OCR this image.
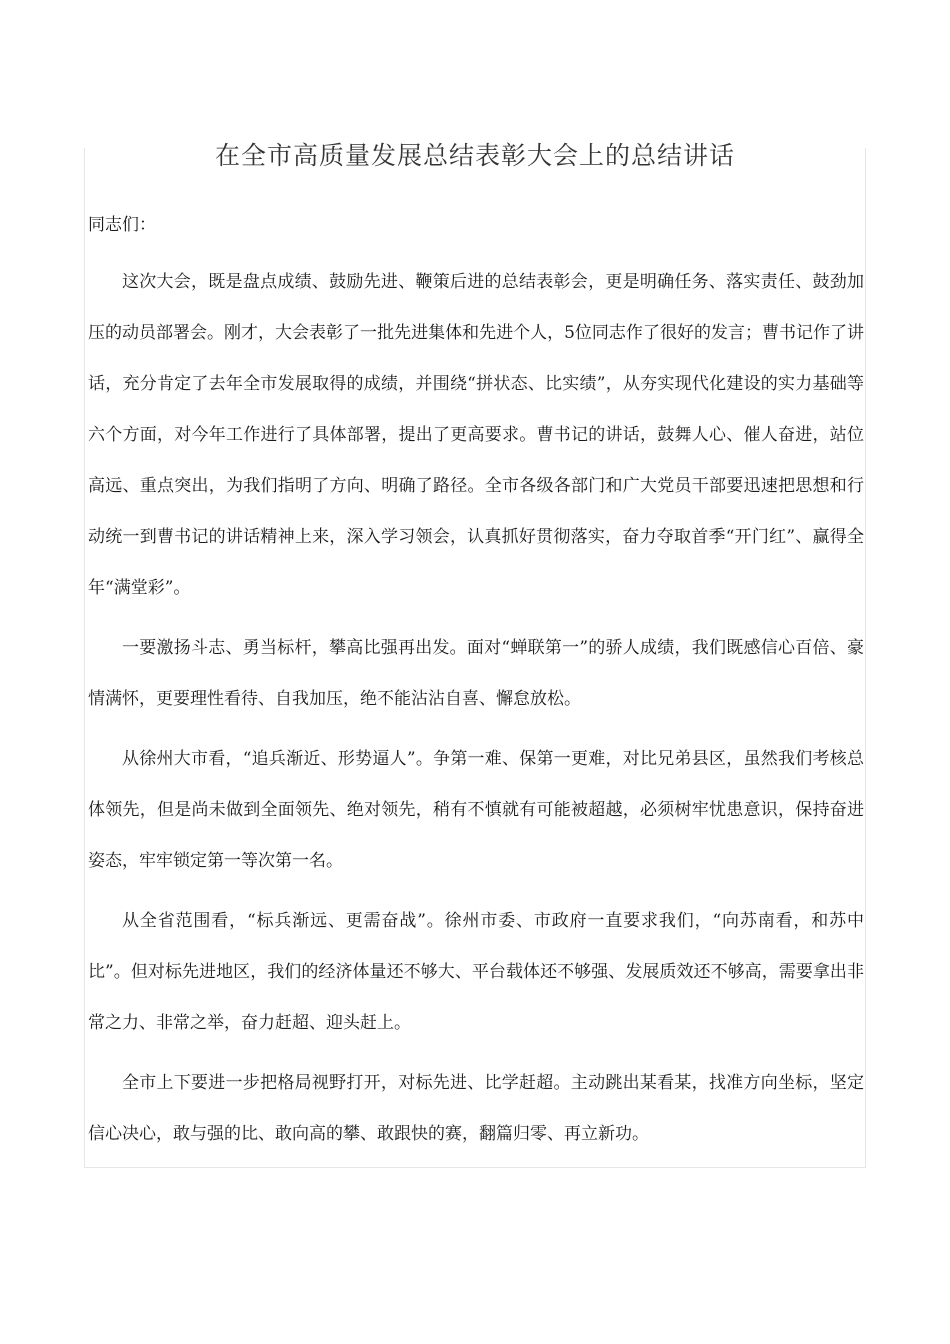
在全市高质量发展总结表彰大会上的总结讲话

同志们：

这次大会，既是盘点成绩、鼓励先进、鞭策后进的总结表彰会，更是明确任务、落实责任、鼓劲加压的动员部署会。刚才，大会表彰了一批先进集体和先进个人，5位同志作了很好的发言；曹书记作了讲话，充分肯定了去年全市发展取得的成绩，并围绕“拼状态、比实绩”，从夯实现代化建设的实力基础等六个方面，对今年工作进行了具体部署，提出了更高要求。曹书记的讲话，鼓舞人心、催人奋进，站位高远、重点突出，为我们指明了方向、明确了路径。全市各级各部门和广大党员干部要迅速把思想和行动统一到曹书记的讲话精神上来，深入学习领会，认真抓好贯彻落实，奋力夺取首季“开门红”、赢得全年“满堂彩”。

一要激扬斗志、勇当标杆，攀高比强再出发。面对“蝉联第一”的骄人成绩，我们既感信心百倍、豪情满怀，更要理性看待、自我加压，绝不能沾沾自喜、懈怠放松。

从徐州大市看，“追兵渐近、形势逼人”。争第一难、保第一更难，对比兄弟县区，虽然我们考核总体领先，但是尚未做到全面领先、绝对领先，稍有不慎就有可能被超越，必须树牢忧患意识，保持奋进姿态，牢牢锁定第一等次第一名。

从全省范围看，“标兵渐远、更需奋战”。徐州市委、市政府一直要求我们，“向苏南看，和苏中比”。但对标先进地区，我们的经济体量还不够大、平台载体还不够强、发展质效还不够高，需要拿出非常之力、非常之举，奋力赶超、迎头赶上。

全市上下要进一步把格局视野打开，对标先进、比学赶超。主动跳出某看某，找准方向坐标，坚定信心决心，敢与强的比、敢向高的攀、敢跟快的赛，翻篇归零、再立新功。
